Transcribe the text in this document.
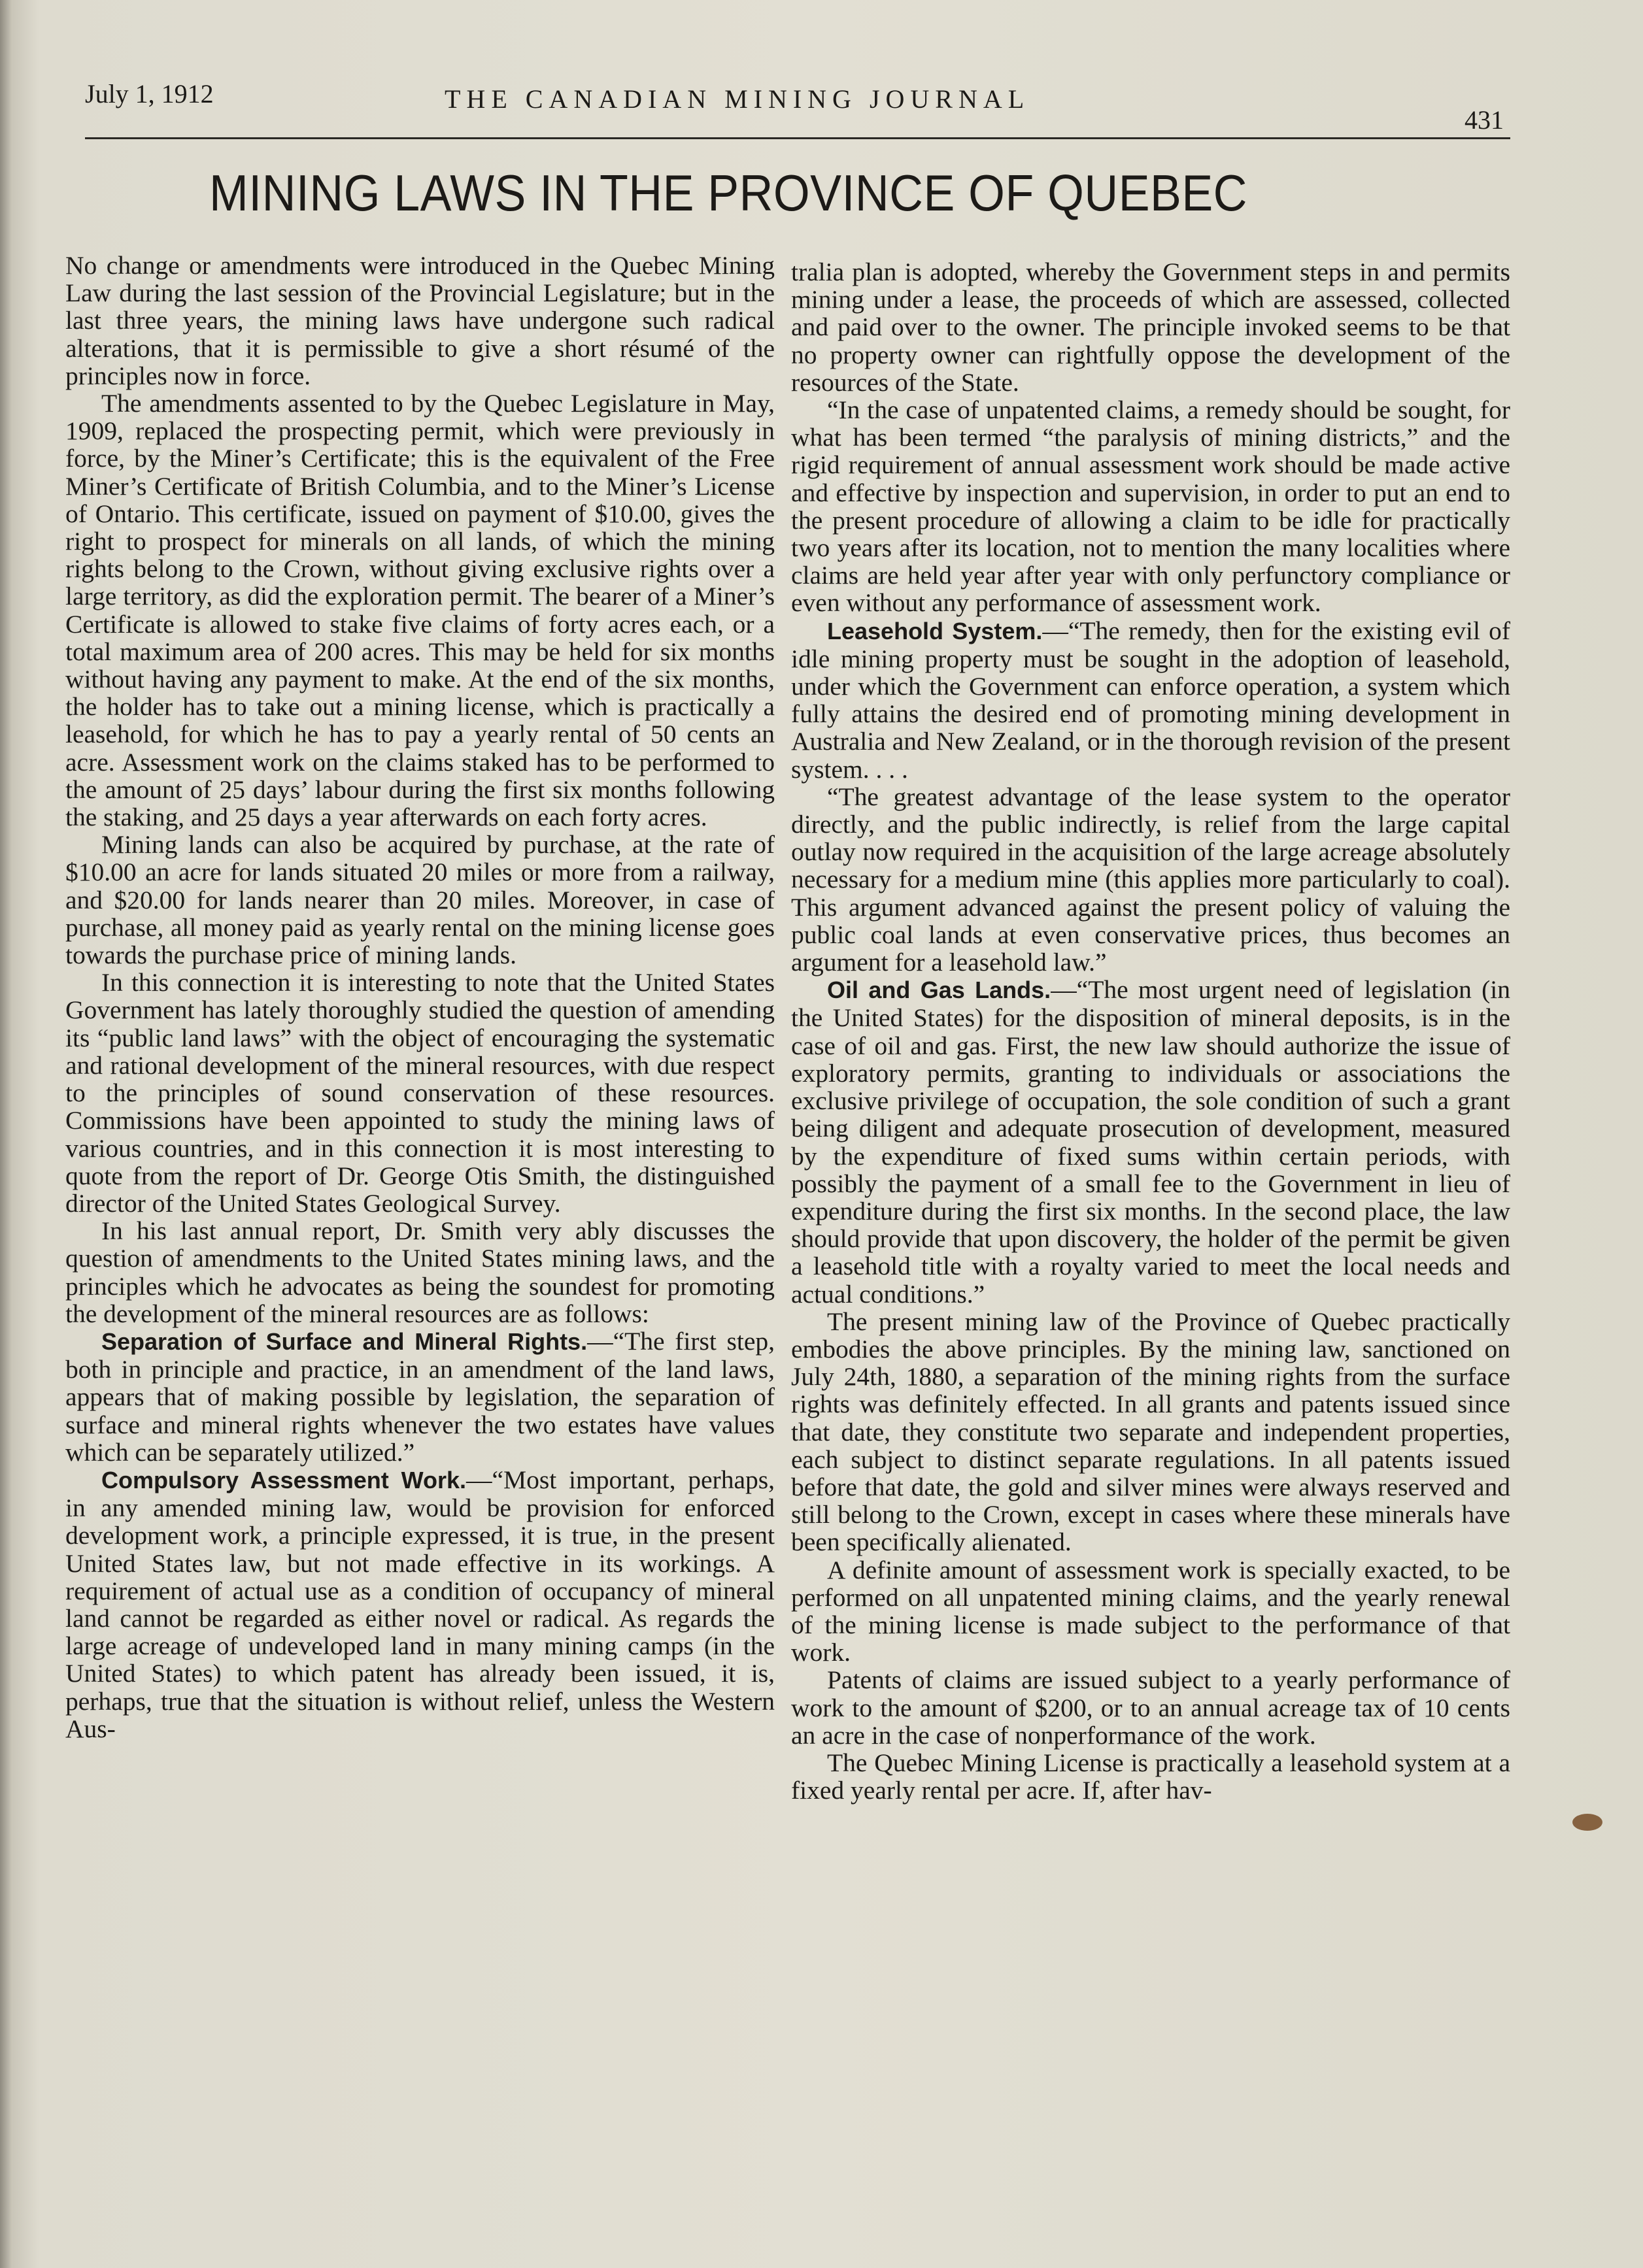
July 1, 1912	THE CANADIAN MINING JOURNAL
431
MINING LAWS IN THE PROVINCE OF QUEBEC

No change or amendments were introduced in the Quebec Mining Law during the last session of the Provincial Legislature; but in the last three years, the mining laws have undergone such radical alterations, that it is permissible to give a short résumé of the principles now in force.

The amendments assented to by the Quebec Legislature in May, 1909, replaced the prospecting permit, which were previously in force, by the Miner’s Certificate; this is the equivalent of the Free Miner’s Certificate of British Columbia, and to the Miner’s License of Ontario. This certificate, issued on payment of $10.00, gives the right to prospect for minerals on all lands, of which the mining rights belong to the Crown, without giving exclusive rights over a large territory, as did the exploration permit. The bearer of a Miner’s Certificate is allowed to stake five claims of forty acres each, or a total maximum area of 200 acres. This may be held for six months without having any payment to make. At the end of the six months, the holder has to take out a mining license, which is practically a leasehold, for which he has to pay a yearly rental of 50 cents an acre. Assessment work on the claims staked has to be performed to the amount of 25 days’ labour during the first six months following the staking, and 25 days a year afterwards on each forty acres.

Mining lands can also be acquired by purchase, at the rate of $10.00 an acre for lands situated 20 miles or more from a railway, and $20.00 for lands nearer than 20 miles. Moreover, in case of purchase, all money paid as yearly rental on the mining license goes towards the purchase price of mining lands.

In this connection it is interesting to note that the United States Government has lately thoroughly studied the question of amending its “public land laws” with the object of encouraging the systematic and rational development of the mineral resources, with due respect to the principles of sound conservation of these resources. Commissions have been appointed to study the mining laws of various countries, and in this connection it is most interesting to quote from the report of Dr. George Otis Smith, the distinguished director of the United States Geological Survey.

In his last annual report, Dr. Smith very ably discusses the question of amendments to the United States mining laws, and the principles which he advocates as being the soundest for promoting the development of the mineral resources are as follows:

Separation of Surface and Mineral Rights.—“The first step, both in principle and practice, in an amendment of the land laws, appears that of making possible by legislation, the separation of surface and mineral rights whenever the two estates have values which can be separately utilized.”

Compulsory Assessment Work.—“Most important, perhaps, in any amended mining law, would be provision for enforced development work, a principle expressed, it is true, in the present United States law, but not made effective in its workings. A requirement of actual use as a condition of occupancy of mineral land cannot be regarded as either novel or radical. As regards the large acreage of undeveloped land in many mining camps (in the United States) to which patent has already been issued, it is, perhaps, true that the situation is without relief, unless the Western Aus-

tralia plan is adopted, whereby the Government steps in and permits mining under a lease, the proceeds of which are assessed, collected and paid over to the owner. The principle invoked seems to be that no property owner can rightfully oppose the development of the resources of the State.

“In the case of unpatented claims, a remedy should be sought, for what has been termed “the paralysis of mining districts,” and the rigid requirement of annual assessment work should be made active and effective by inspection and supervision, in order to put an end to the present procedure of allowing a claim to be idle for practically two years after its location, not to mention the many localities where claims are held year after year with only perfunctory compliance or even without any performance of assessment work.

Leasehold System.—“The remedy, then for the existing evil of idle mining property must be sought in the adoption of leasehold, under which the Government can enforce operation, a system which fully attains the desired end of promoting mining development in Australia and New Zealand, or in the thorough revision of the present system. . . .

“The greatest advantage of the lease system to the operator directly, and the public indirectly, is relief from the large capital outlay now required in the acquisition of the large acreage absolutely necessary for a medium mine (this applies more particularly to coal). This argument advanced against the present policy of valuing the public coal lands at even conservative prices, thus becomes an argument for a leasehold law.”

Oil and Gas Lands.—“The most urgent need of legislation (in the United States) for the disposition of mineral deposits, is in the case of oil and gas. First, the new law should authorize the issue of exploratory permits, granting to individuals or associations the exclusive privilege of occupation, the sole condition of such a grant being diligent and adequate prosecution of development, measured by the expenditure of fixed sums within certain periods, with possibly the payment of a small fee to the Government in lieu of expenditure during the first six months. In the second place, the law should provide that upon discovery, the holder of the permit be given a leasehold title with a royalty varied to meet the local needs and actual conditions.”

The present mining law of the Province of Quebec practically embodies the above principles. By the mining law, sanctioned on July 24th, 1880, a separation of the mining rights from the surface rights was definitely effected. In all grants and patents issued since that date, they constitute two separate and independent properties, each subject to distinct separate regulations. In all patents issued before that date, the gold and silver mines were always reserved and still belong to the Crown, except in cases where these minerals have been specifically alienated.

A definite amount of assessment work is specially exacted, to be performed on all unpatented mining claims, and the yearly renewal of the mining license is made subject to the performance of that work.

Patents of claims are issued subject to a yearly performance of work to the amount of $200, or to an annual acreage tax of 10 cents an acre in the case of nonperformance of the work.

The Quebec Mining License is practically a leasehold system at a fixed yearly rental per acre. If, after hav-
